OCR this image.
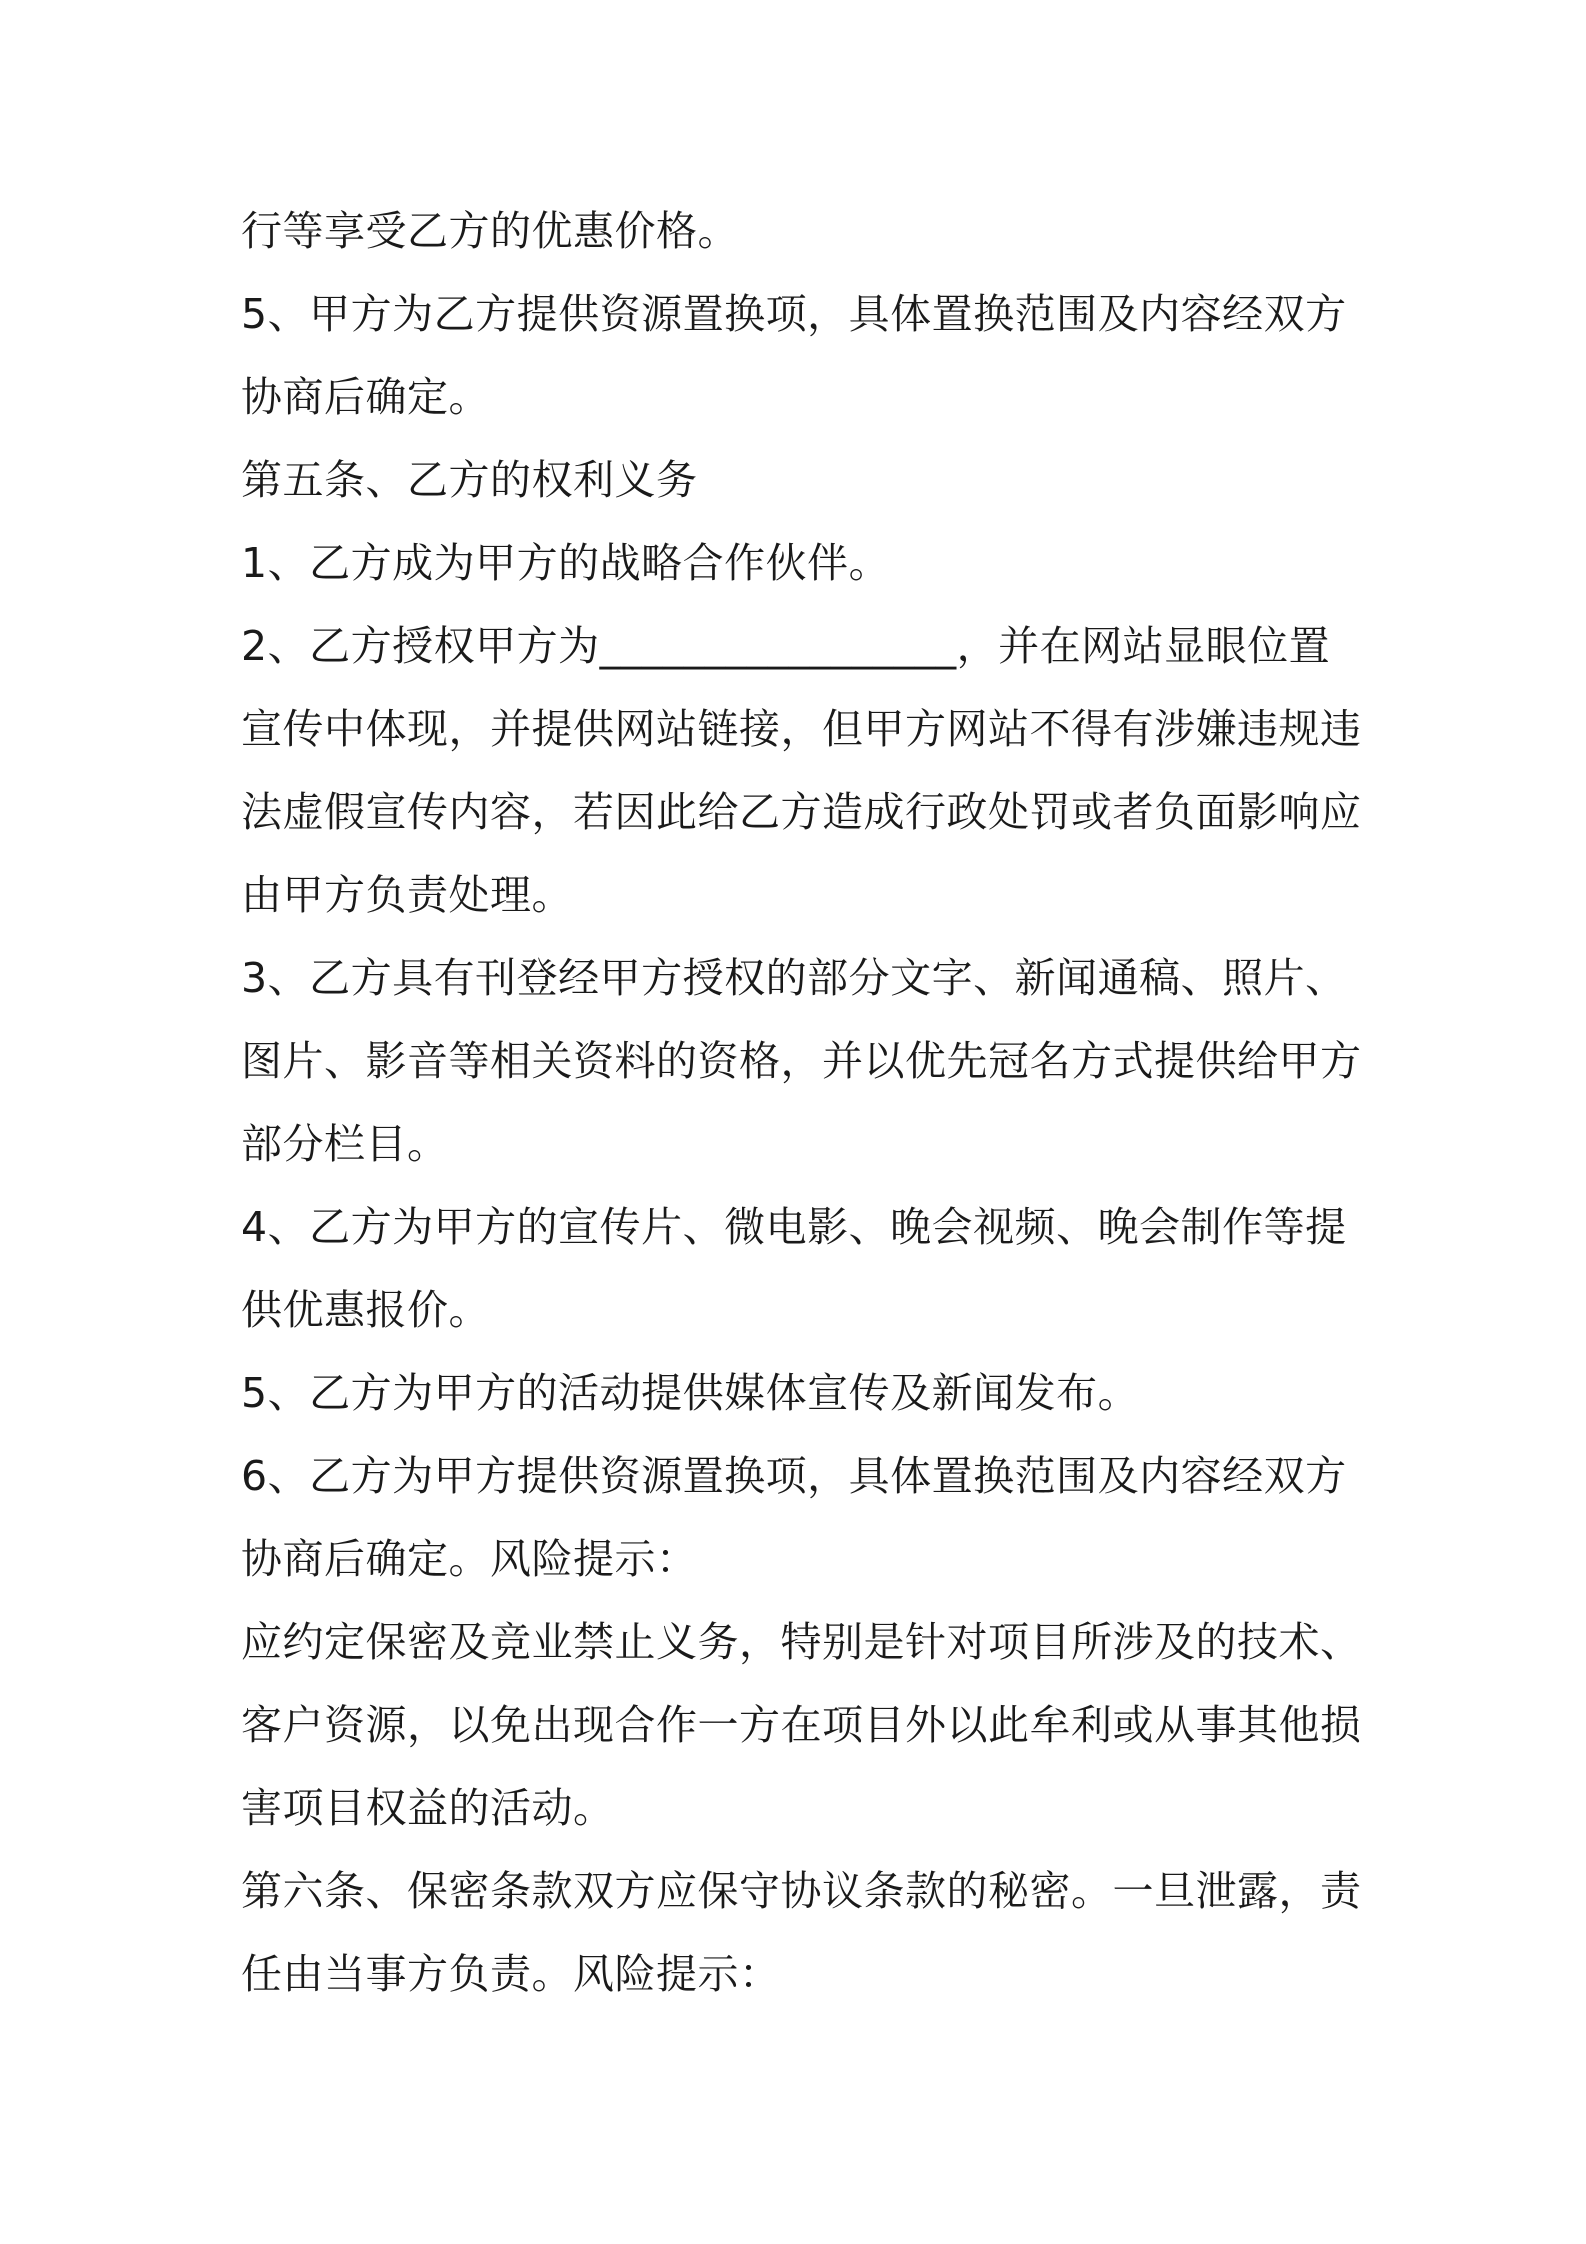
行等享受乙方的优惠价格。

5、甲方为乙方提供资源置换项，具体置换范围及内容经双方协商后确定。

第五条、乙方的权利义务

1、乙方成为甲方的战略合作伙伴。

2、乙方授权甲方为_________________，并在网站显眼位置宣传中体现，并提供网站链接，但甲方网站不得有涉嫌违规违法虚假宣传内容，若因此给乙方造成行政处罚或者负面影响应由甲方负责处理。

3、乙方具有刊登经甲方授权的部分文字、新闻通稿、照片、图片、影音等相关资料的资格，并以优先冠名方式提供给甲方部分栏目。

4、乙方为甲方的宣传片、微电影、晚会视频、晚会制作等提供优惠报价。

5、乙方为甲方的活动提供媒体宣传及新闻发布。

6、乙方为甲方提供资源置换项，具体置换范围及内容经双方协商后确定。风险提示：

应约定保密及竞业禁止义务，特别是针对项目所涉及的技术、客户资源，以免出现合作一方在项目外以此牟利或从事其他损害项目权益的活动。

第六条、保密条款双方应保守协议条款的秘密。一旦泄露，责任由当事方负责。风险提示：
